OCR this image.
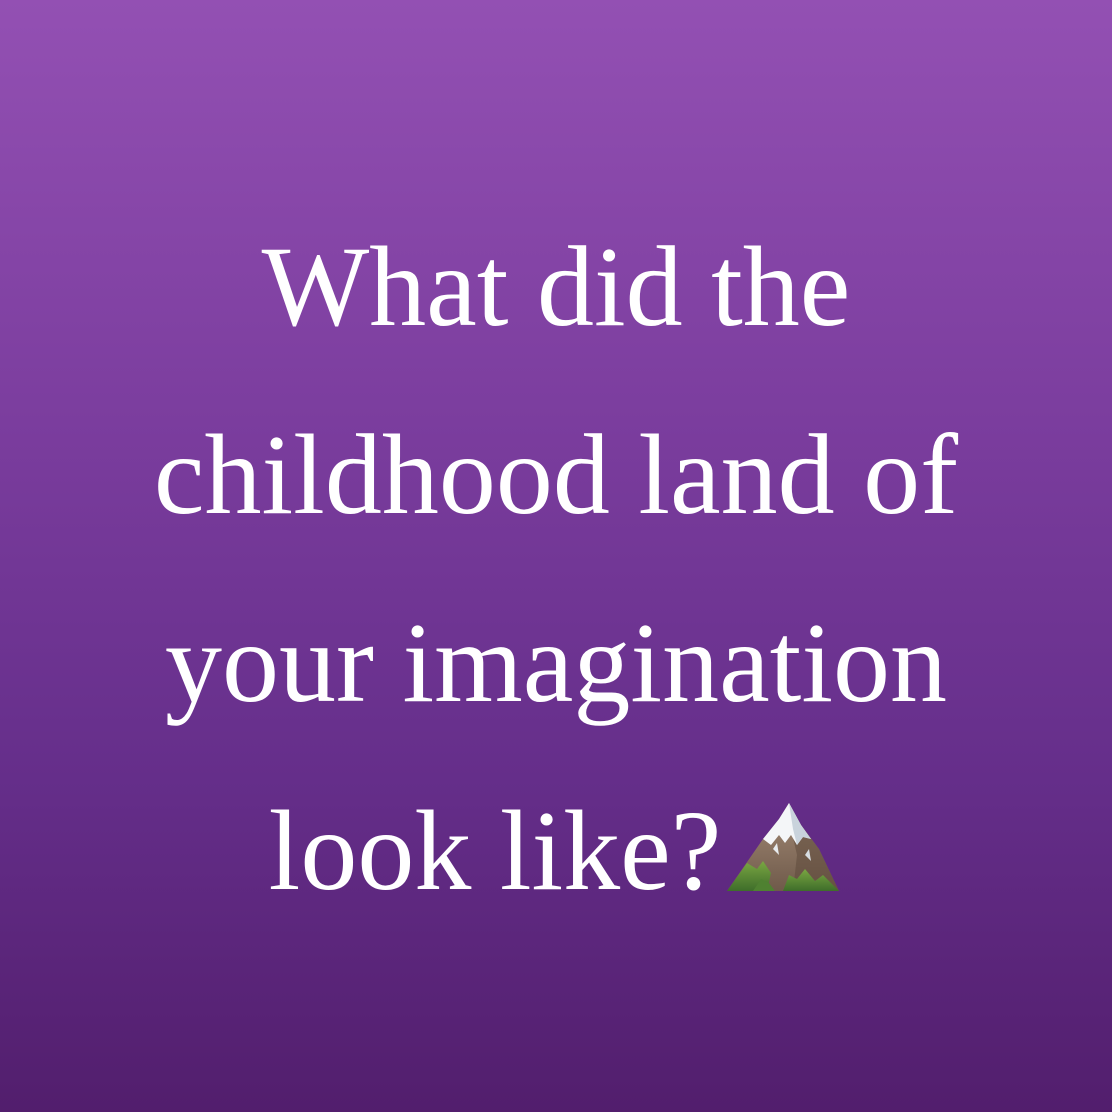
What did the
childhood land of
your imagination
look like?
